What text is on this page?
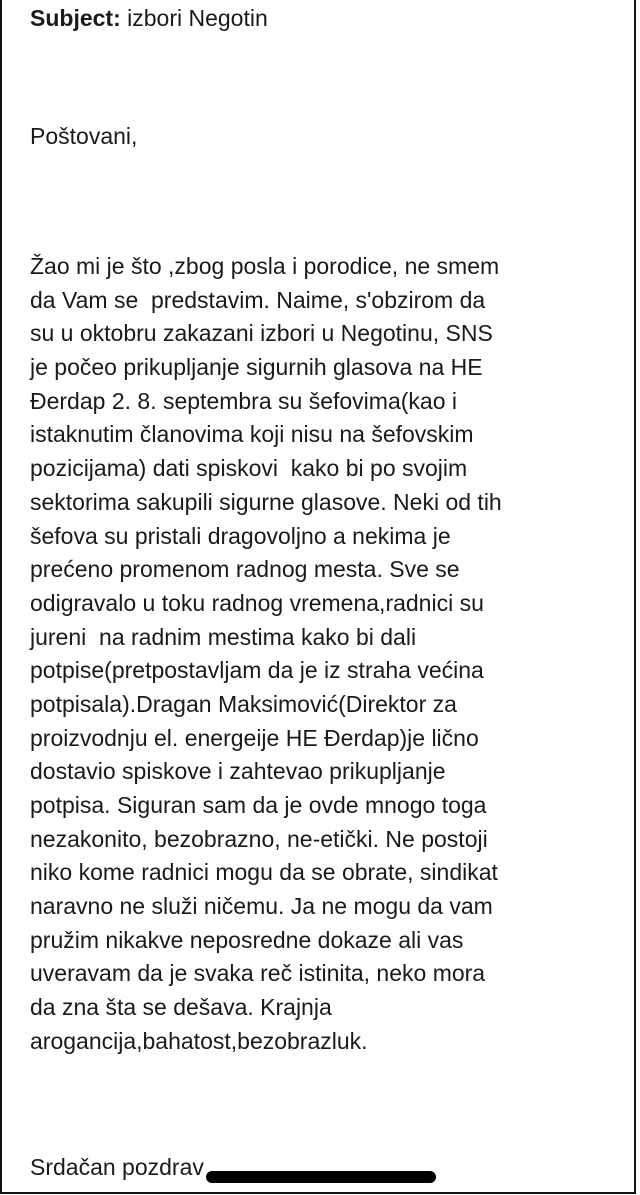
Subject: izbori Negotin
Poštovani,
Žao mi je što ,zbog posla i porodice, ne smem
da Vam se  predstavim. Naime, s'obzirom da
su u oktobru zakazani izbori u Negotinu, SNS
je počeo prikupljanje sigurnih glasova na HE
Đerdap 2. 8. septembra su šefovima(kao i
istaknutim članovima koji nisu na šefovskim
pozicijama) dati spiskovi  kako bi po svojim
sektorima sakupili sigurne glasove. Neki od tih
šefova su pristali dragovoljno a nekima je
prećeno promenom radnog mesta. Sve se
odigravalo u toku radnog vremena,radnici su
jureni  na radnim mestima kako bi dali
potpise(pretpostavljam da je iz straha većina
potpisala).Dragan Maksimović(Direktor za
proizvodnju el. energeije HE Đerdap)je lično
dostavio spiskove i zahtevao prikupljanje
potpisa. Siguran sam da je ovde mnogo toga
nezakonito, bezobrazno, ne-etički. Ne postoji
niko kome radnici mogu da se obrate, sindikat
naravno ne služi ničemu. Ja ne mogu da vam
pružim nikakve neposredne dokaze ali vas
uveravam da je svaka reč istinita, neko mora
da zna šta se dešava. Krajnja
arogancija,bahatost,bezobrazluk.
Srdačan pozdrav
